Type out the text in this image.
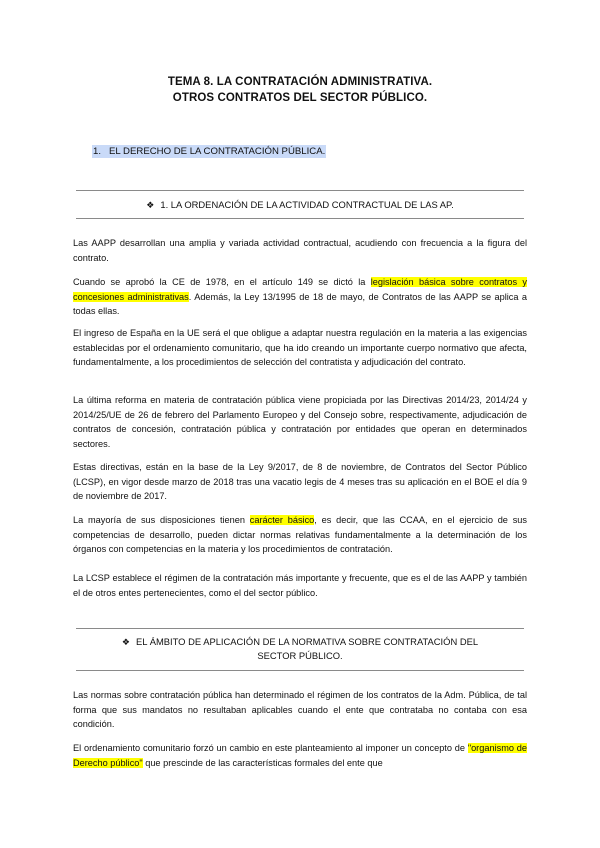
TEMA 8. LA CONTRATACIÓN ADMINISTRATIVA.
OTROS CONTRATOS DEL SECTOR PÚBLICO.
1. EL DERECHO DE LA CONTRATACIÓN PÚBLICA.
❖ 1. LA ORDENACIÓN DE LA ACTIVIDAD CONTRACTUAL DE LAS AP.

Las AAPP desarrollan una amplia y variada actividad contractual, acudiendo con frecuencia a la figura del contrato.

Cuando se aprobó la CE de 1978, en el artículo 149 se dictó la legislación básica sobre contratos y concesiones administrativas. Además, la Ley 13/1995 de 18 de mayo, de Contratos de las AAPP se aplica a todas ellas.

El ingreso de España en la UE será el que obligue a adaptar nuestra regulación en la materia a las exigencias establecidas por el ordenamiento comunitario, que ha ido creando un importante cuerpo normativo que afecta, fundamentalmente, a los procedimientos de selección del contratista y adjudicación del contrato.

La última reforma en materia de contratación pública viene propiciada por las Directivas 2014/23, 2014/24 y 2014/25/UE de 26 de febrero del Parlamento Europeo y del Consejo sobre, respectivamente, adjudicación de contratos de concesión, contratación pública y contratación por entidades que operan en determinados sectores.

Estas directivas, están en la base de la Ley 9/2017, de 8 de noviembre, de Contratos del Sector Público (LCSP), en vigor desde marzo de 2018 tras una vacatio legis de 4 meses tras su aplicación en el BOE el día 9 de noviembre de 2017.

La mayoría de sus disposiciones tienen carácter básico, es decir, que las CCAA, en el ejercicio de sus competencias de desarrollo, pueden dictar normas relativas fundamentalmente a la determinación de los órganos con competencias en la materia y los procedimientos de contratación.

La LCSP establece el régimen de la contratación más importante y frecuente, que es el de las AAPP y también el de otros entes pertenecientes, como el del sector público.

❖ EL ÁMBITO DE APLICACIÓN DE LA NORMATIVA SOBRE CONTRATACIÓN DEL
SECTOR PÚBLICO.

Las normas sobre contratación pública han determinado el régimen de los contratos de la Adm. Pública, de tal forma que sus mandatos no resultaban aplicables cuando el ente que contrataba no contaba con esa condición.

El ordenamiento comunitario forzó un cambio en este planteamiento al imponer un concepto de "organismo de Derecho público" que prescinde de las características formales del ente que
